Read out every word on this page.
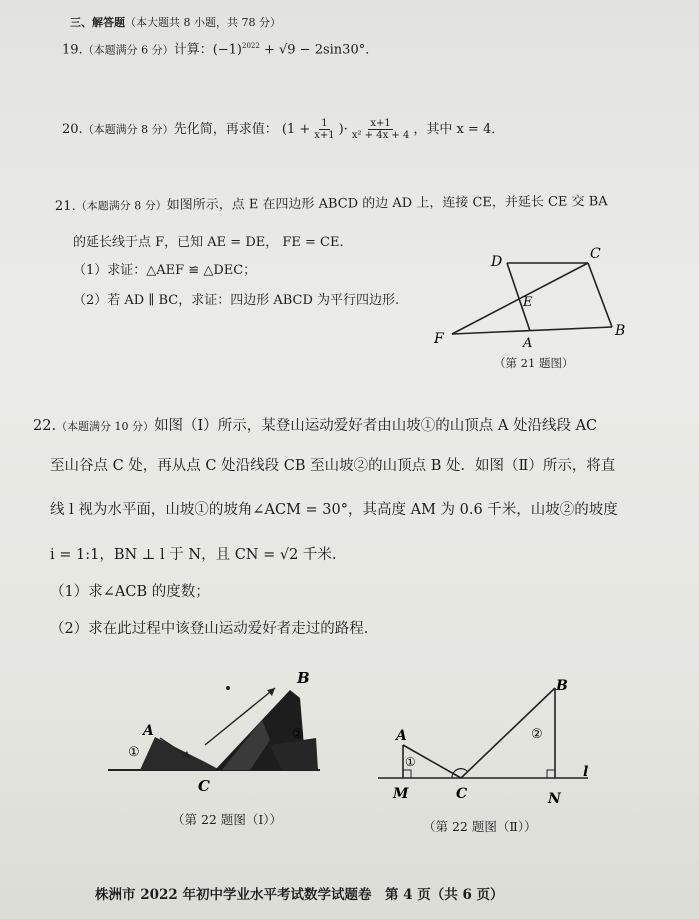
三、解答题（本大题共 8 小题，共 78 分）
19.（本题满分 6 分）计算：$(-1)^{2022} + √9 - 2\sin 30^\circ$．
20.（本题满分 8 分）先化简，再求值： ($1 + \frac{1}{x+1}$ )· $\frac{x+1}{\text{x² + 4x + 4}}$ ，其中 x = 4．
21.（本题满分 8 分）如图所示，点 E 在四边形 ABCD 的边 AD 上，连接 CE，并延长 CE 交 BA
的延长线于点 F，已知 AE = DE， FE = CE．
（1）求证：△AEF ≌ △DEC；
（2）若 AD ∥ BC，求证：四边形 ABCD 为平行四边形.
D	C
E
F	A
B
（第 21 题图）
22.（本题满分 10 分）如图（Ⅰ）所示，某登山运动爱好者由山坡①的山顶点 A 处沿线段 AC
至山谷点 C 处，再从点 C 处沿线段 CB 至山坡②的山顶点 B 处．如图（Ⅱ）所示，将直
线 l 视为水平面，山坡①的坡角∠ACM = 30°，其高度 AM 为 0.6 千米，山坡②的坡度
i = 1:1，BN ⊥ l 于 N，且 CN = √2 千米.
（1）求∠ACB 的度数；
（2）求在此过程中该登山运动爱好者走过的路程.
A
B
C
①
②
（第 22 题图（Ⅰ））
A
B
C
M	N
l
①
②
（第 22 题图（Ⅱ））
株洲市 2022 年初中学业水平考试数学试题卷　第 4 页（共 6 页）
